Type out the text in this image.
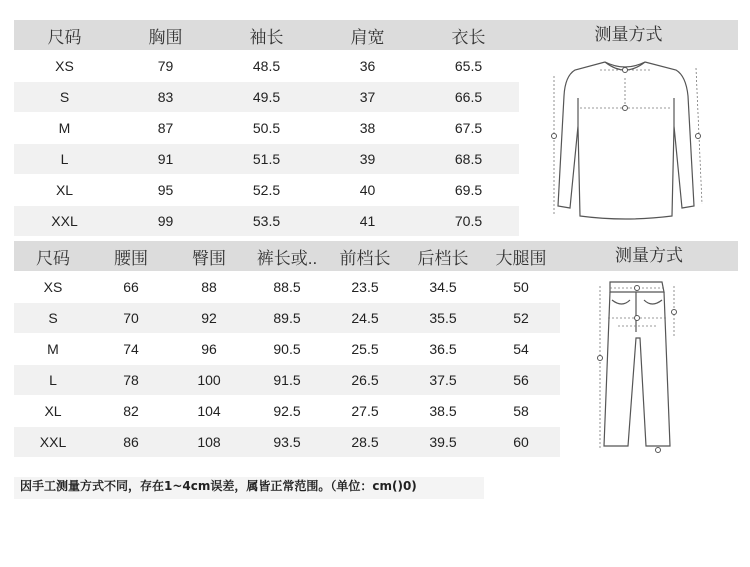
尺码	胸围	袖长	肩宽	衣长
XS	79	48.5	36	65.5
S	83	49.5	37	66.5
M	87	50.5	38	67.5
L	91	51.5	39	68.5
XL	95	52.5	40	69.5
XXL	99	53.5	41	70.5
测量方式
尺码	腰围	臀围	裤长或..	前档长	后档长	大腿围
XS	66	88	88.5	23.5	34.5	50
S	70	92	89.5	24.5	35.5	52
M	74	96	90.5	25.5	36.5	54
L	78	100	91.5	26.5	37.5	56
XL	82	104	92.5	27.5	38.5	58
XXL	86	108	93.5	28.5	39.5	60
测量方式
因手工测量方式不同，存在1~4cm误差，属皆正常范围。（单位：cm()0)
